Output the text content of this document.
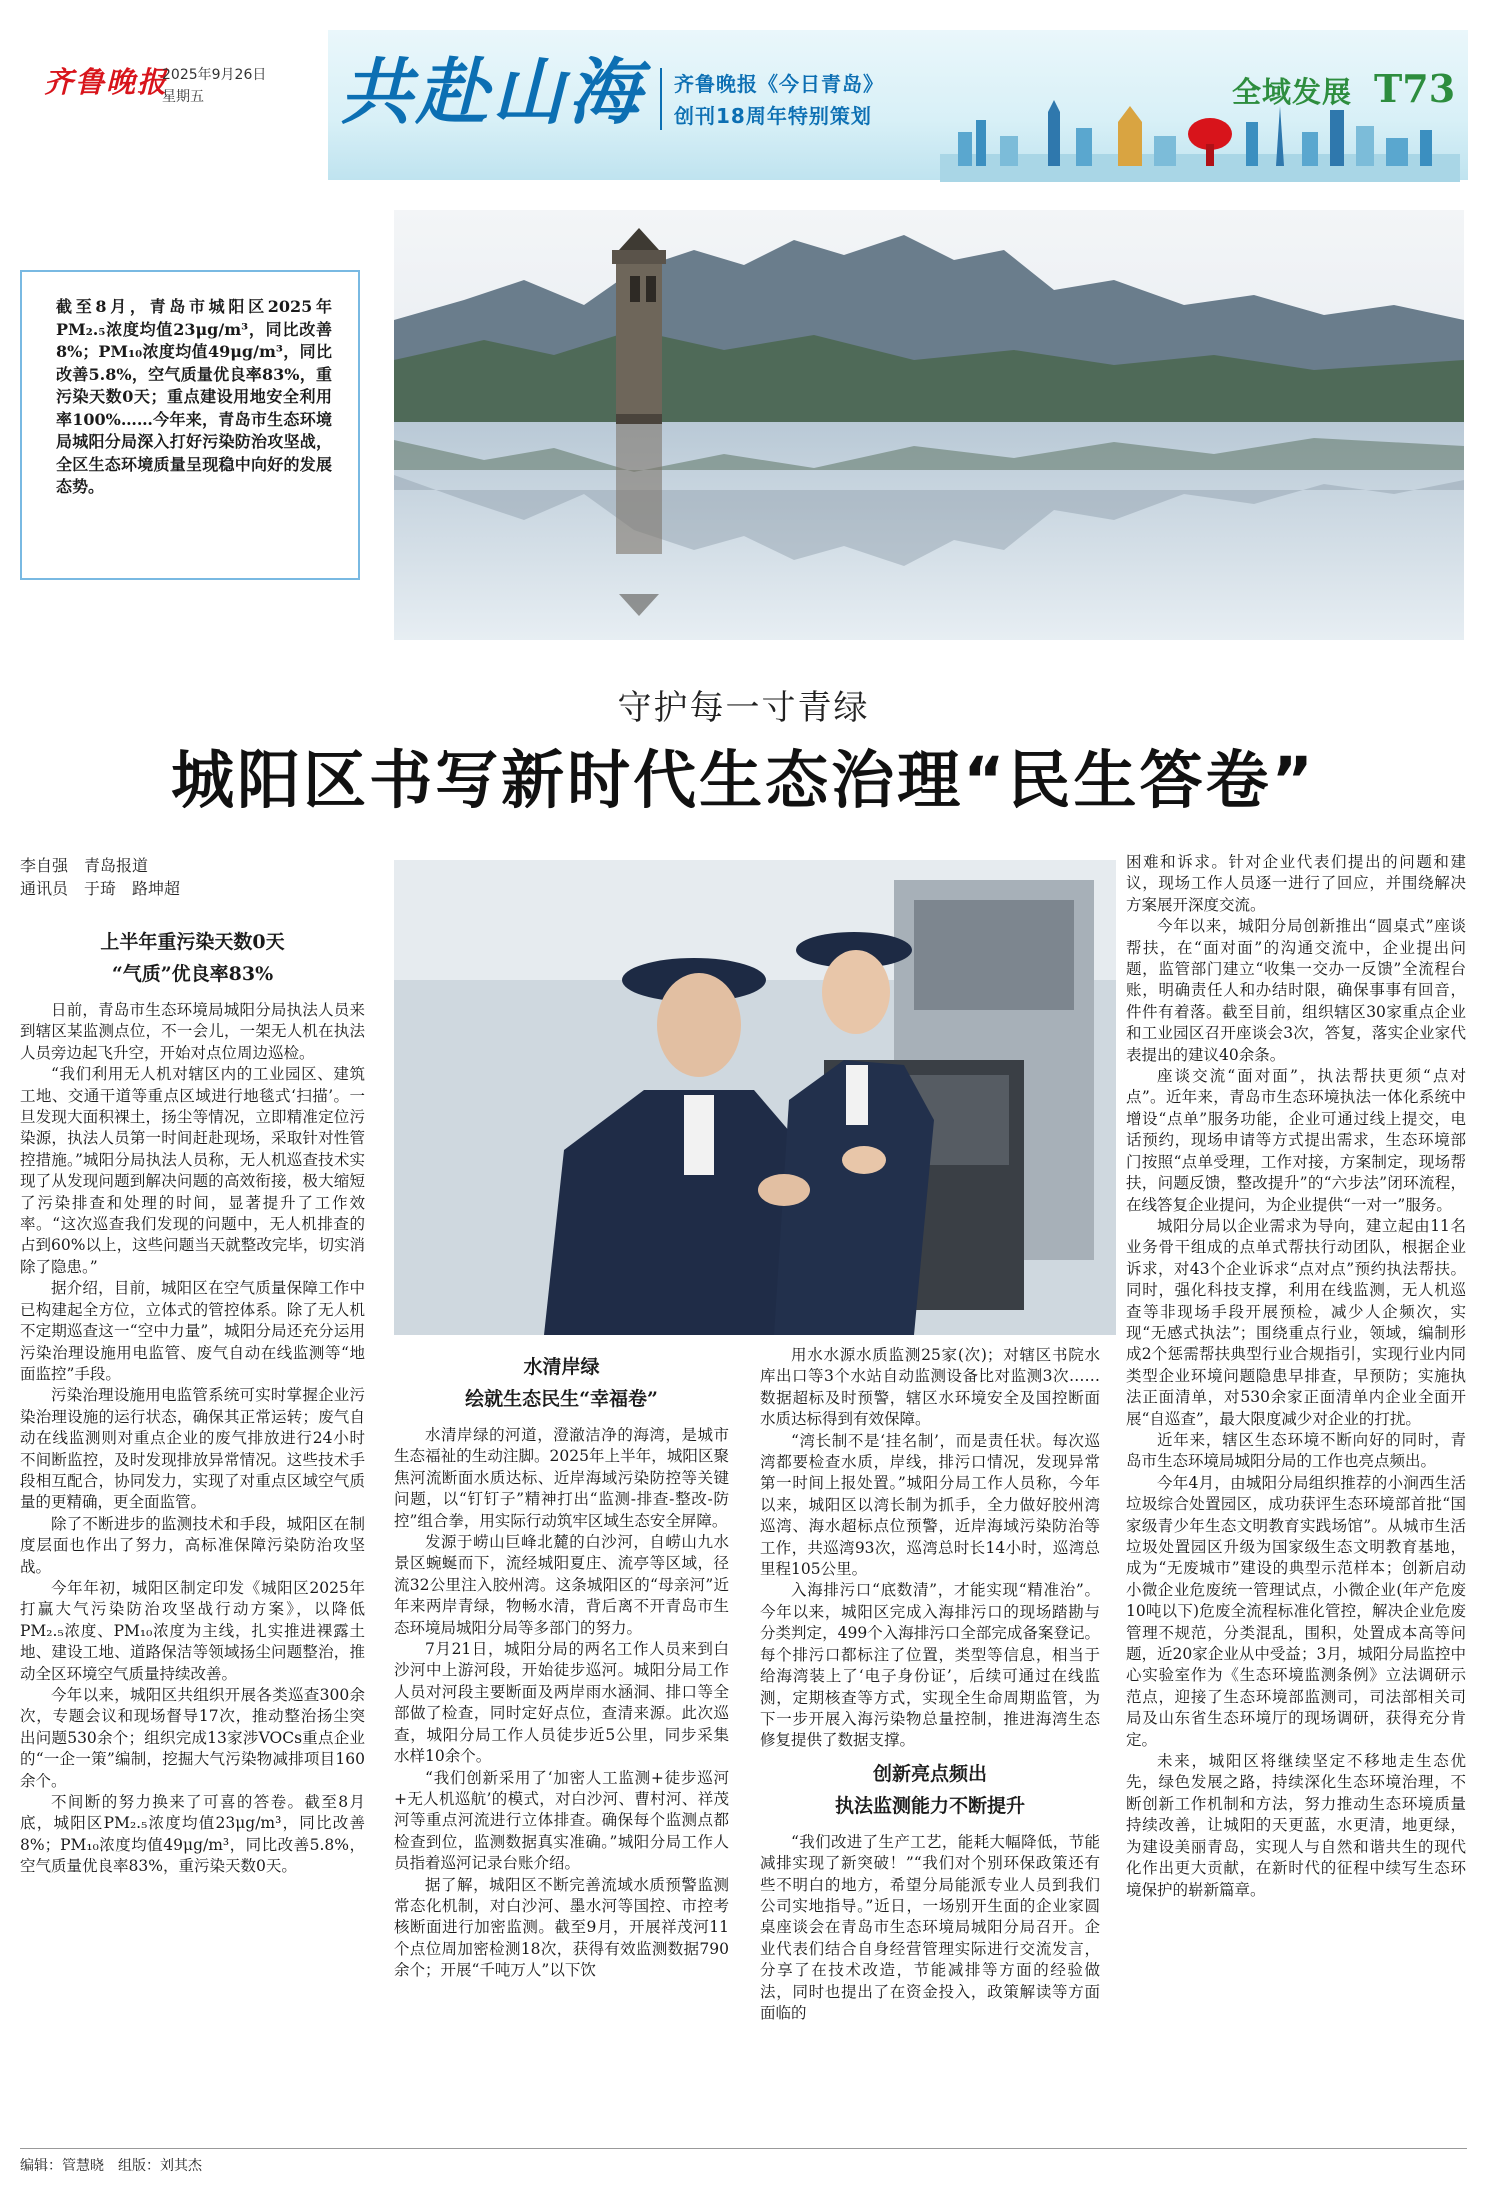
齐鲁晚报
2025年9月26日
星期五	共赴山海 齐鲁晚报《今日青岛》
创刊18周年特别策划
全域发展 T73

截至8月，青岛市城阳区2025年PM₂.₅浓度均值23μg/m³，同比改善8%；PM₁₀浓度均值49μg/m³，同比改善5.8%，空气质量优良率83%，重污染天数0天；重点建设用地安全利用率100%……今年来，青岛市生态环境局城阳分局深入打好污染防治攻坚战，全区生态环境质量呈现稳中向好的发展态势。

守护每一寸青绿
城阳区书写新时代生态治理“民生答卷”
李自强　青岛报道
通讯员　于琦　路坤超
上半年重污染天数0天
“气质”优良率83%

日前，青岛市生态环境局城阳分局执法人员来到辖区某监测点位，不一会儿，一架无人机在执法人员旁边起飞升空，开始对点位周边巡检。

“我们利用无人机对辖区内的工业园区、建筑工地、交通干道等重点区域进行地毯式‘扫描’。一旦发现大面积裸土，扬尘等情况，立即精准定位污染源，执法人员第一时间赶赴现场，采取针对性管控措施。”城阳分局执法人员称，无人机巡查技术实现了从发现问题到解决问题的高效衔接，极大缩短了污染排查和处理的时间，显著提升了工作效率。“这次巡查我们发现的问题中，无人机排查的占到60%以上，这些问题当天就整改完毕，切实消除了隐患。”

据介绍，目前，城阳区在空气质量保障工作中已构建起全方位，立体式的管控体系。除了无人机不定期巡查这一“空中力量”，城阳分局还充分运用污染治理设施用电监管、废气自动在线监测等“地面监控”手段。

污染治理设施用电监管系统可实时掌握企业污染治理设施的运行状态，确保其正常运转；废气自动在线监测则对重点企业的废气排放进行24小时不间断监控，及时发现排放异常情况。这些技术手段相互配合，协同发力，实现了对重点区域空气质量的更精确，更全面监管。

除了不断进步的监测技术和手段，城阳区在制度层面也作出了努力，高标准保障污染防治攻坚战。

今年年初，城阳区制定印发《城阳区2025年打赢大气污染防治攻坚战行动方案》，以降低PM₂.₅浓度、PM₁₀浓度为主线，扎实推进裸露土地、建设工地、道路保洁等领域扬尘问题整治，推动全区环境空气质量持续改善。

今年以来，城阳区共组织开展各类巡查300余次，专题会议和现场督导17次，推动整治扬尘突出问题530余个；组织完成13家涉VOCs重点企业的“一企一策”编制，挖掘大气污染物减排项目160余个。

不间断的努力换来了可喜的答卷。截至8月底，城阳区PM₂.₅浓度均值23μg/m³，同比改善8%；PM₁₀浓度均值49μg/m³，同比改善5.8%，空气质量优良率83%，重污染天数0天。

水清岸绿
绘就生态民生“幸福卷”

水清岸绿的河道，澄澈洁净的海湾，是城市生态福祉的生动注脚。2025年上半年，城阳区聚焦河流断面水质达标、近岸海域污染防控等关键问题，以“钉钉子”精神打出“监测-排查-整改-防控”组合拳，用实际行动筑牢区域生态安全屏障。

发源于崂山巨峰北麓的白沙河，自崂山九水景区蜿蜒而下，流经城阳夏庄、流亭等区域，径流32公里注入胶州湾。这条城阳区的“母亲河”近年来两岸青绿，物畅水清，背后离不开青岛市生态环境局城阳分局等多部门的努力。

7月21日，城阳分局的两名工作人员来到白沙河中上游河段，开始徒步巡河。城阳分局工作人员对河段主要断面及两岸雨水涵洞、排口等全部做了检查，同时定好点位，查清来源。此次巡查，城阳分局工作人员徒步近5公里，同步采集水样10余个。

“我们创新采用了‘加密人工监测+徒步巡河+无人机巡航’的模式，对白沙河、曹村河、祥茂河等重点河流进行立体排查。确保每个监测点都检查到位，监测数据真实准确。”城阳分局工作人员指着巡河记录台账介绍。

据了解，城阳区不断完善流域水质预警监测常态化机制，对白沙河、墨水河等国控、市控考核断面进行加密监测。截至9月，开展祥茂河11个点位周加密检测18次，获得有效监测数据790余个；开展“千吨万人”以下饮

用水水源水质监测25家(次)；对辖区书院水库出口等3个水站自动监测设备比对监测3次……数据超标及时预警，辖区水环境安全及国控断面水质达标得到有效保障。

“湾长制不是‘挂名制’，而是责任状。每次巡湾都要检查水质，岸线，排污口情况，发现异常第一时间上报处置。”城阳分局工作人员称，今年以来，城阳区以湾长制为抓手，全力做好胶州湾巡湾、海水超标点位预警，近岸海域污染防治等工作，共巡湾93次，巡湾总时长14小时，巡湾总里程105公里。

入海排污口“底数清”，才能实现“精准治”。今年以来，城阳区完成入海排污口的现场踏勘与分类判定，499个入海排污口全部完成备案登记。每个排污口都标注了位置，类型等信息，相当于给海湾装上了‘电子身份证’，后续可通过在线监测，定期核查等方式，实现全生命周期监管，为下一步开展入海污染物总量控制，推进海湾生态修复提供了数据支撑。

创新亮点频出
执法监测能力不断提升

“我们改进了生产工艺，能耗大幅降低，节能减排实现了新突破！”“我们对个别环保政策还有些不明白的地方，希望分局能派专业人员到我们公司实地指导。”近日，一场别开生面的企业家圆桌座谈会在青岛市生态环境局城阳分局召开。企业代表们结合自身经营管理实际进行交流发言，分享了在技术改造，节能减排等方面的经验做法，同时也提出了在资金投入，政策解读等方面面临的

困难和诉求。针对企业代表们提出的问题和建议，现场工作人员逐一进行了回应，并围绕解决方案展开深度交流。

今年以来，城阳分局创新推出“圆桌式”座谈帮扶，在“面对面”的沟通交流中，企业提出问题，监管部门建立“收集一交办一反馈”全流程台账，明确责任人和办结时限，确保事事有回音，件件有着落。截至目前，组织辖区30家重点企业和工业园区召开座谈会3次，答复，落实企业家代表提出的建议40余条。

座谈交流“面对面”，执法帮扶更须“点对点”。近年来，青岛市生态环境执法一体化系统中增设“点单”服务功能，企业可通过线上提交，电话预约，现场申请等方式提出需求，生态环境部门按照“点单受理，工作对接，方案制定，现场帮扶，问题反馈，整改提升”的“六步法”闭环流程，在线答复企业提问，为企业提供“一对一”服务。

城阳分局以企业需求为导向，建立起由11名业务骨干组成的点单式帮扶行动团队，根据企业诉求，对43个企业诉求“点对点”预约执法帮扶。同时，强化科技支撑，利用在线监测，无人机巡查等非现场手段开展预检，减少人企频次，实现“无感式执法”；围绕重点行业，领域，编制形成2个惩需帮扶典型行业合规指引，实现行业内同类型企业环境问题隐患早排查，早预防；实施执法正面清单，对530余家正面清单内企业全面开展“自巡查”，最大限度减少对企业的打扰。

近年来，辖区生态环境不断向好的同时，青岛市生态环境局城阳分局的工作也亮点频出。

今年4月，由城阳分局组织推荐的小涧西生活垃圾综合处置园区，成功获评生态环境部首批“国家级青少年生态文明教育实践场馆”。从城市生活垃圾处置园区升级为国家级生态文明教育基地，成为“无废城市”建设的典型示范样本；创新启动小微企业危废统一管理试点，小微企业(年产危废10吨以下)危废全流程标准化管控，解决企业危废管理不规范，分类混乱，围积，处置成本高等问题，近20家企业从中受益；3月，城阳分局监控中心实验室作为《生态环境监测条例》立法调研示范点，迎接了生态环境部监测司，司法部相关司局及山东省生态环境厅的现场调研，获得充分肯定。

未来，城阳区将继续坚定不移地走生态优先，绿色发展之路，持续深化生态环境治理，不断创新工作机制和方法，努力推动生态环境质量持续改善，让城阳的天更蓝，水更清，地更绿，为建设美丽青岛，实现人与自然和谐共生的现代化作出更大贡献，在新时代的征程中续写生态环境保护的崭新篇章。

编辑：管慧晓　组版：刘其杰
